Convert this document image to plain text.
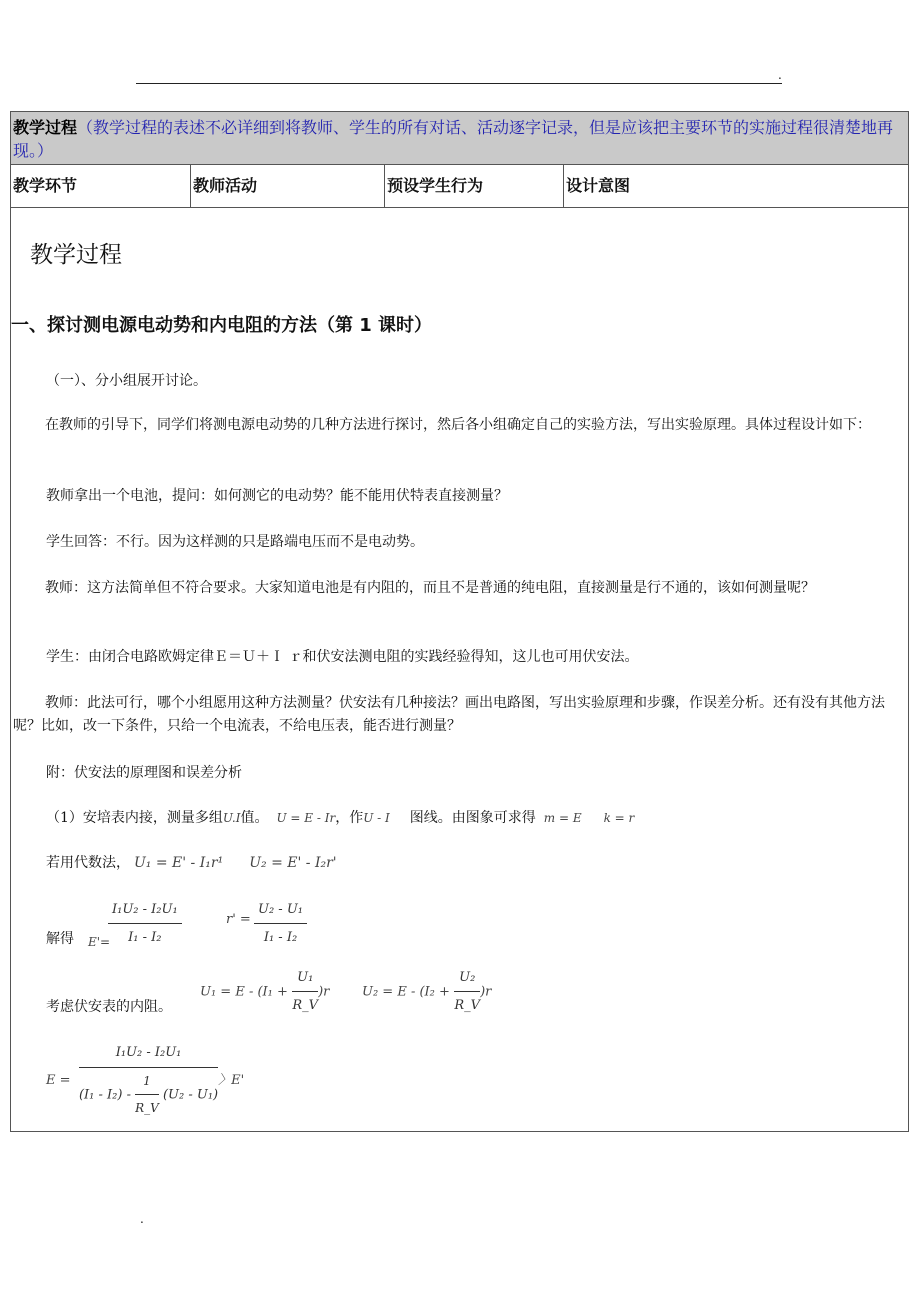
.
教学过程（教学过程的表述不必详细到将教师、学生的所有对话、活动逐字记录，但是应该把主要环节的实施过程很清楚地再现。）
教学环节	教师活动	预设学生行为	设计意图
教学过程
一、探讨测电源电动势和内电阻的方法（第 1 课时）
（一）、分小组展开讨论。
在教师的引导下，同学们将测电源电动势的几种方法进行探讨，然后各小组确定自己的实验方法，写出实验原理。具体过程设计如下：
教师拿出一个电池，提问：如何测它的电动势？能不能用伏特表直接测量？
学生回答：不行。因为这样测的只是路端电压而不是电动势。
教师：这方法简单但不符合要求。大家知道电池是有内阻的，而且不是普通的纯电阻，直接测量是行不通的，该如何测量呢？
学生：由闭合电路欧姆定律Ｅ＝Ｕ＋Ｉ ｒ和伏安法测电阻的实践经验得知，这儿也可用伏安法。
教师：此法可行，哪个小组愿用这种方法测量？伏安法有几种接法？画出电路图，写出实验原理和步骤，作误差分析。还有没有其他方法呢？比如，改一下条件，只给一个电流表，不给电压表，能否进行测量？
附：伏安法的原理图和误差分析
（1）安培表内接，测量多组U.I值。 U = E - Ir，作U - I 图线。由图象可求得 m = E k = r
若用代数法， U₁ = E' - I₁r¹ U₂ = E' - I₂r'
解得 E'=
$\frac{\text{I₁U₂ - I₂U₁}}{\text{I₁ - I₂}}$	$r' = \frac{\text{U₂ - U₁}}{\text{I₁ - I₂}}$
$U_1 = E - (I_1 + \frac{\text{U₁}}{R\_V} )r$	$U_2 = E - (I_2 + \frac{\text{U₂}}{R\_V} )r$
考虑伏安表的内阻。
E =
I₁U₂ - I₂U₁
$(I_1 - I_2) - \frac{1}{R\_V} (U_2 - U_1)$
〉E'
.
